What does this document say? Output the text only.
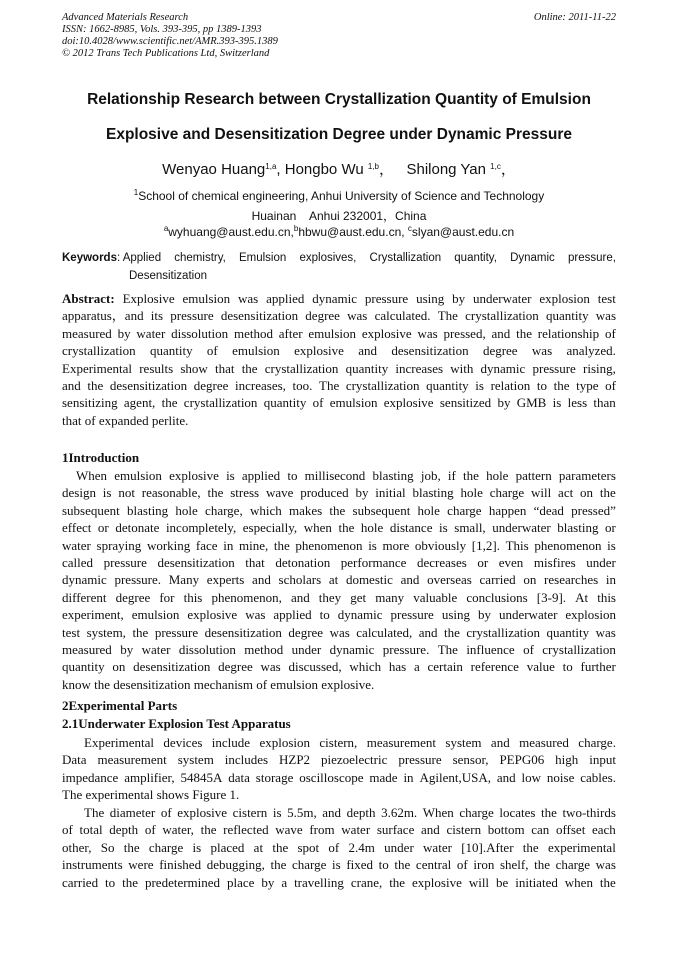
Advanced Materials Research
ISSN: 1662-8985, Vols. 393-395, pp 1389-1393
doi:10.4028/www.scientific.net/AMR.393-395.1389
© 2012 Trans Tech Publications Ltd, Switzerland
Online: 2011-11-22
Relationship Research between Crystallization Quantity of Emulsion
Explosive and Desensitization Degree under Dynamic Pressure
Wenyao Huang$^{1,a}$, Hongbo Wu $^{1,b}$，   Shilong Yan $^{1,c}$，
$^1$School of chemical engineering, Anhui University of Science and Technology
Huainan    Anhui 232001，China
$^a$wyhuang@aust.edu.cn,$^b$hbwu@aust.edu.cn, $^c$slyan@aust.edu.cn
Keywords: Applied chemistry, Emulsion explosives, Crystallization quantity, Dynamic pressure,
Desensitization
Abstract: Explosive emulsion was applied dynamic pressure using by underwater explosion test
apparatus，and its pressure desensitization degree was calculated. The crystallization quantity was
measured by water dissolution method after emulsion explosive was pressed, and the relationship of
crystallization quantity of emulsion explosive and desensitization degree was analyzed.
Experimental results show that the crystallization quantity increases with dynamic pressure rising,
and the desensitization degree increases, too. The crystallization quantity is relation to the type of
sensitizing agent, the crystallization quantity of emulsion explosive sensitized by GMB is less than
that of expanded perlite.
1Introduction
When emulsion explosive is applied to millisecond blasting job, if the hole pattern parameters
design is not reasonable, the stress wave produced by initial blasting hole charge will act on the
subsequent blasting hole charge, which makes the subsequent hole charge happen “dead pressed”
effect or detonate incompletely, especially, when the hole distance is small, underwater blasting or
water spraying working face in mine, the phenomenon is more obviously [1,2]. This phenomenon is
called pressure desensitization that detonation performance decreases or even misfires under
dynamic pressure. Many experts and scholars at domestic and overseas carried on researches in
different degree for this phenomenon, and they get many valuable conclusions [3-9]. At this
experiment, emulsion explosive was applied to dynamic pressure using by underwater explosion
test system, the pressure desensitization degree was calculated, and the crystallization quantity was
measured by water dissolution method under dynamic pressure. The influence of crystallization
quantity on desensitization degree was discussed, which has a certain reference value to further
know the desensitization mechanism of emulsion explosive.
2Experimental Parts
2.1Underwater Explosion Test Apparatus
Experimental devices include explosion cistern, measurement system and measured charge.
Data measurement system includes HZP2 piezoelectric pressure sensor, PEPG06 high input
impedance amplifier, 54845A data storage oscilloscope made in Agilent,USA, and low noise cables.
The experimental shows Figure 1.
The diameter of explosive cistern is 5.5m, and depth 3.62m. When charge locates the two-thirds
of total depth of water, the reflected wave from water surface and cistern bottom can offset each
other, So the charge is placed at the spot of 2.4m under water [10].After the experimental
instruments were finished debugging, the charge is fixed to the central of iron shelf, the charge was
carried to the predetermined place by a travelling crane, the explosive will be initiated when the
